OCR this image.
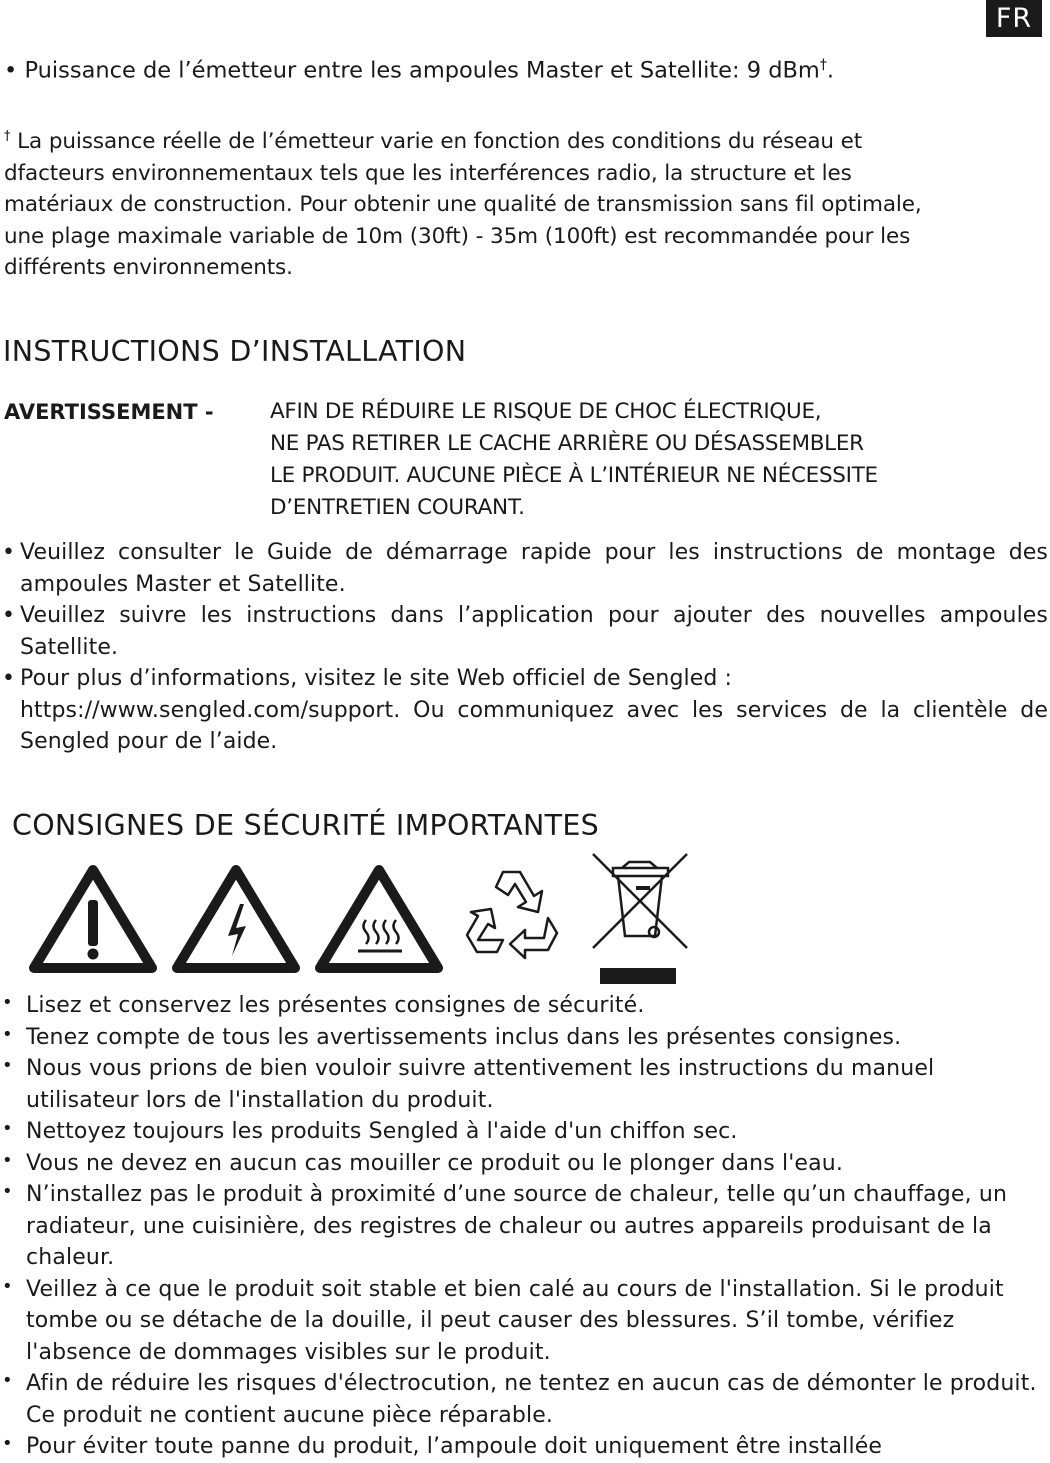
FR
• Puissance de l’émetteur entre les ampoules Master et Satellite: 9 dBm†.
† La puissance réelle de l’émetteur varie en fonction des conditions du réseau et
dfacteurs environnementaux tels que les interférences radio, la structure et les
matériaux de construction. Pour obtenir une qualité de transmission sans fil optimale,
une plage maximale variable de 10m (30ft) - 35m (100ft) est recommandée pour les
différents environnements.
INSTRUCTIONS D’INSTALLATION
AVERTISSEMENT -	AFIN DE RÉDUIRE LE RISQUE DE CHOC ÉLECTRIQUE,
NE PAS RETIRER LE CACHE ARRIÈRE OU DÉSASSEMBLER
LE PRODUIT. AUCUNE PIÈCE À L’INTÉRIEUR NE NÉCESSITE
D’ENTRETIEN COURANT.
• Veuillez consulter le Guide de démarrage rapide pour les instructions de montage des ampoules Master et Satellite.
• Veuillez suivre les instructions dans l’application pour ajouter des nouvelles ampoules Satellite.
• Pour plus d’informations, visitez le site Web officiel de Sengled :
https://www.sengled.com/support. Ou communiquez avec les services de la clientèle de Sengled pour de l’aide.
CONSIGNES DE SÉCURITÉ IMPORTANTES
• Lisez et conservez les présentes consignes de sécurité.
• Tenez compte de tous les avertissements inclus dans les présentes consignes.
• Nous vous prions de bien vouloir suivre attentivement les instructions du manuel utilisateur lors de l'installation du produit.
• Nettoyez toujours les produits Sengled à l'aide d'un chiffon sec.
• Vous ne devez en aucun cas mouiller ce produit ou le plonger dans l'eau.
• N’installez pas le produit à proximité d’une source de chaleur, telle qu’un chauffage, un radiateur, une cuisinière, des registres de chaleur ou autres appareils produisant de la chaleur.
• Veillez à ce que le produit soit stable et bien calé au cours de l'installation. Si le produit tombe ou se détache de la douille, il peut causer des blessures. S’il tombe, vérifiez l'absence de dommages visibles sur le produit.
• Afin de réduire les risques d'électrocution, ne tentez en aucun cas de démonter le produit. Ce produit ne contient aucune pièce réparable.
• Pour éviter toute panne du produit, l’ampoule doit uniquement être installée
